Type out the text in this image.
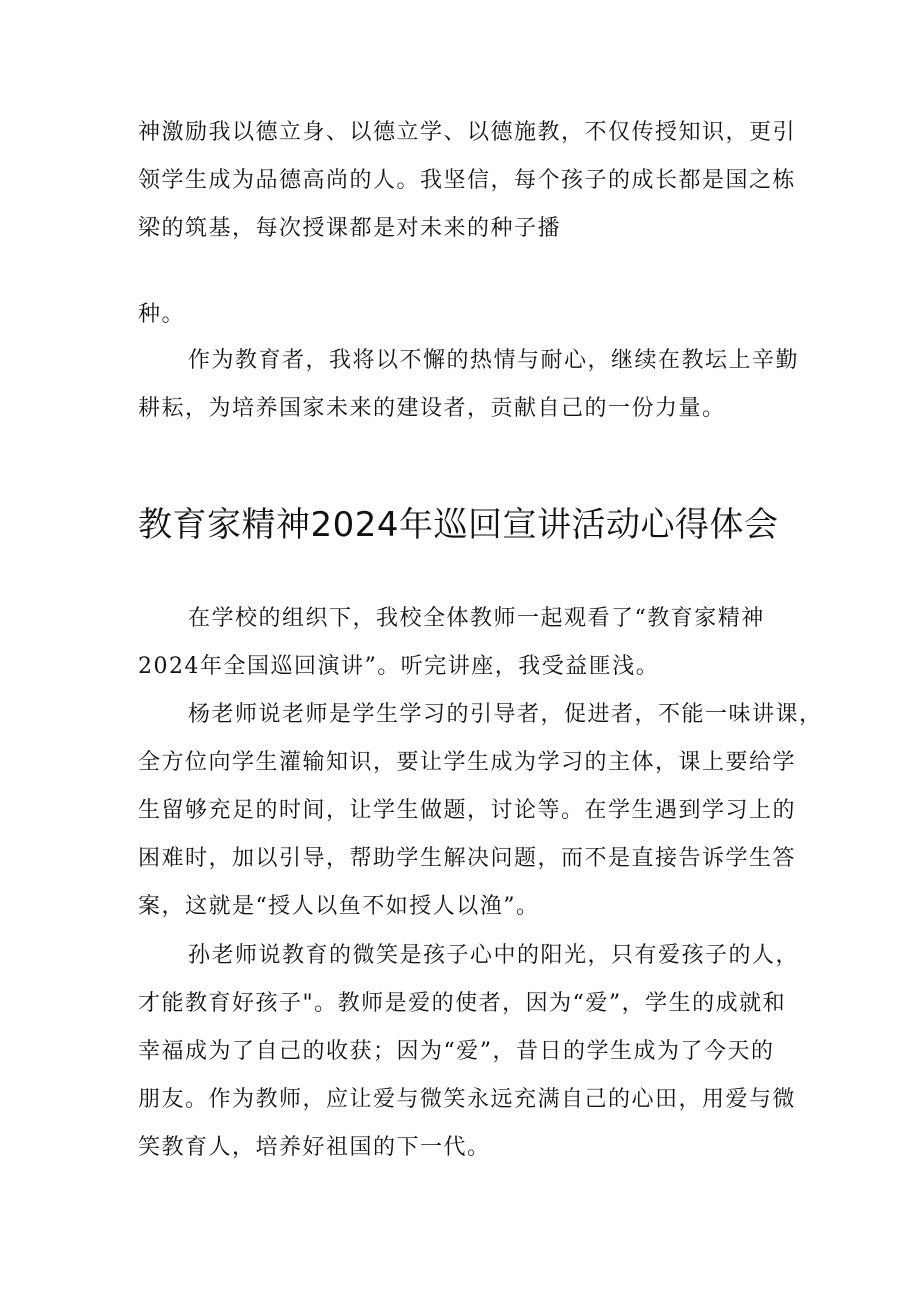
神激励我以德立身、以德立学、以德施教，不仅传授知识，更引
领学生成为品德高尚的人。我坚信，每个孩子的成长都是国之栋
梁的筑基，每次授课都是对未来的种子播
种。
作为教育者，我将以不懈的热情与耐心，继续在教坛上辛勤
耕耘，为培养国家未来的建设者，贡献自己的一份力量。
教育家精神2024年巡回宣讲活动心得体会
在学校的组织下，我校全体教师一起观看了“教育家精神
2024年全国巡回演讲”。听完讲座，我受益匪浅。
杨老师说老师是学生学习的引导者，促进者，不能一味讲课，
全方位向学生灌输知识，要让学生成为学习的主体，课上要给学
生留够充足的时间，让学生做题，讨论等。在学生遇到学习上的
困难时，加以引导，帮助学生解决问题，而不是直接告诉学生答
案，这就是“授人以鱼不如授人以渔”。
孙老师说教育的微笑是孩子心中的阳光，只有爱孩子的人，
才能教育好孩子"。教师是爱的使者，因为“爱”，学生的成就和
幸福成为了自己的收获；因为“爱”，昔日的学生成为了今天的
朋友。作为教师，应让爱与微笑永远充满自己的心田，用爱与微
笑教育人，培养好祖国的下一代。
